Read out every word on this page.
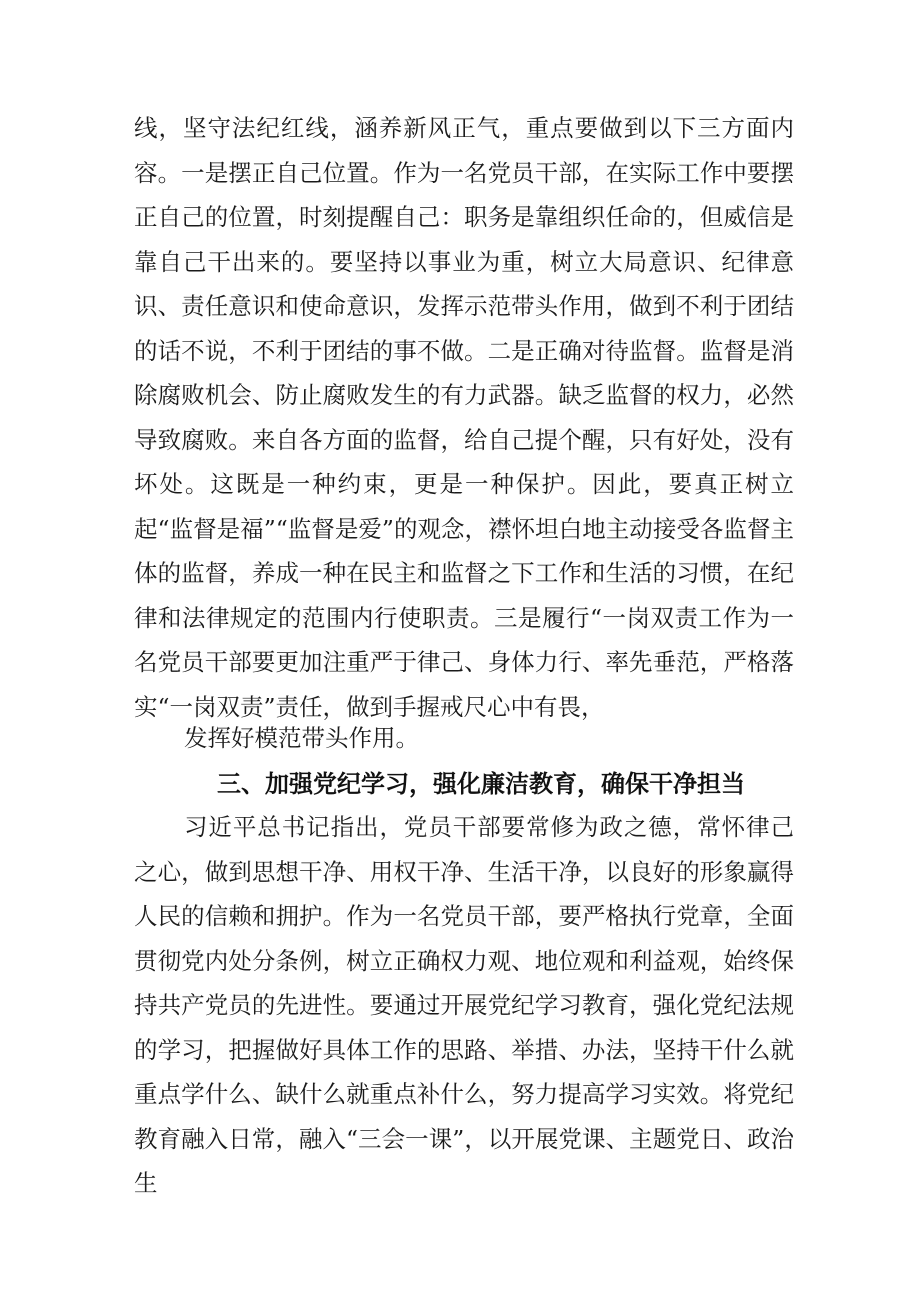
线，坚守法纪红线，涵养新风正气，重点要做到以下三方面内容。一是摆正自己位置。作为一名党员干部，在实际工作中要摆正自己的位置，时刻提醒自己：职务是靠组织任命的，但威信是靠自己干出来的。要坚持以事业为重，树立大局意识、纪律意识、责任意识和使命意识，发挥示范带头作用，做到不利于团结的话不说，不利于团结的事不做。二是正确对待监督。监督是消除腐败机会、防止腐败发生的有力武器。缺乏监督的权力，必然导致腐败。来自各方面的监督，给自己提个醒，只有好处，没有坏处。这既是一种约束，更是一种保护。因此，要真正树立起“监督是福”“监督是爱”的观念，襟怀坦白地主动接受各监督主体的监督，养成一种在民主和监督之下工作和生活的习惯，在纪律和法律规定的范围内行使职责。三是履行“一岗双责工作为一名党员干部要更加注重严于律己、身体力行、率先垂范，严格落实“一岗双责”责任，做到手握戒尺心中有畏，

发挥好模范带头作用。

三、加强党纪学习，强化廉洁教育，确保干净担当

习近平总书记指出，党员干部要常修为政之德，常怀律己之心，做到思想干净、用权干净、生活干净，以良好的形象赢得人民的信赖和拥护。作为一名党员干部，要严格执行党章，全面贯彻党内处分条例，树立正确权力观、地位观和利益观，始终保持共产党员的先进性。要通过开展党纪学习教育，强化党纪法规的学习，把握做好具体工作的思路、举措、办法，坚持干什么就重点学什么、缺什么就重点补什么，努力提高学习实效。将党纪教育融入日常，融入“三会一课”，以开展党课、主题党日、政治生
